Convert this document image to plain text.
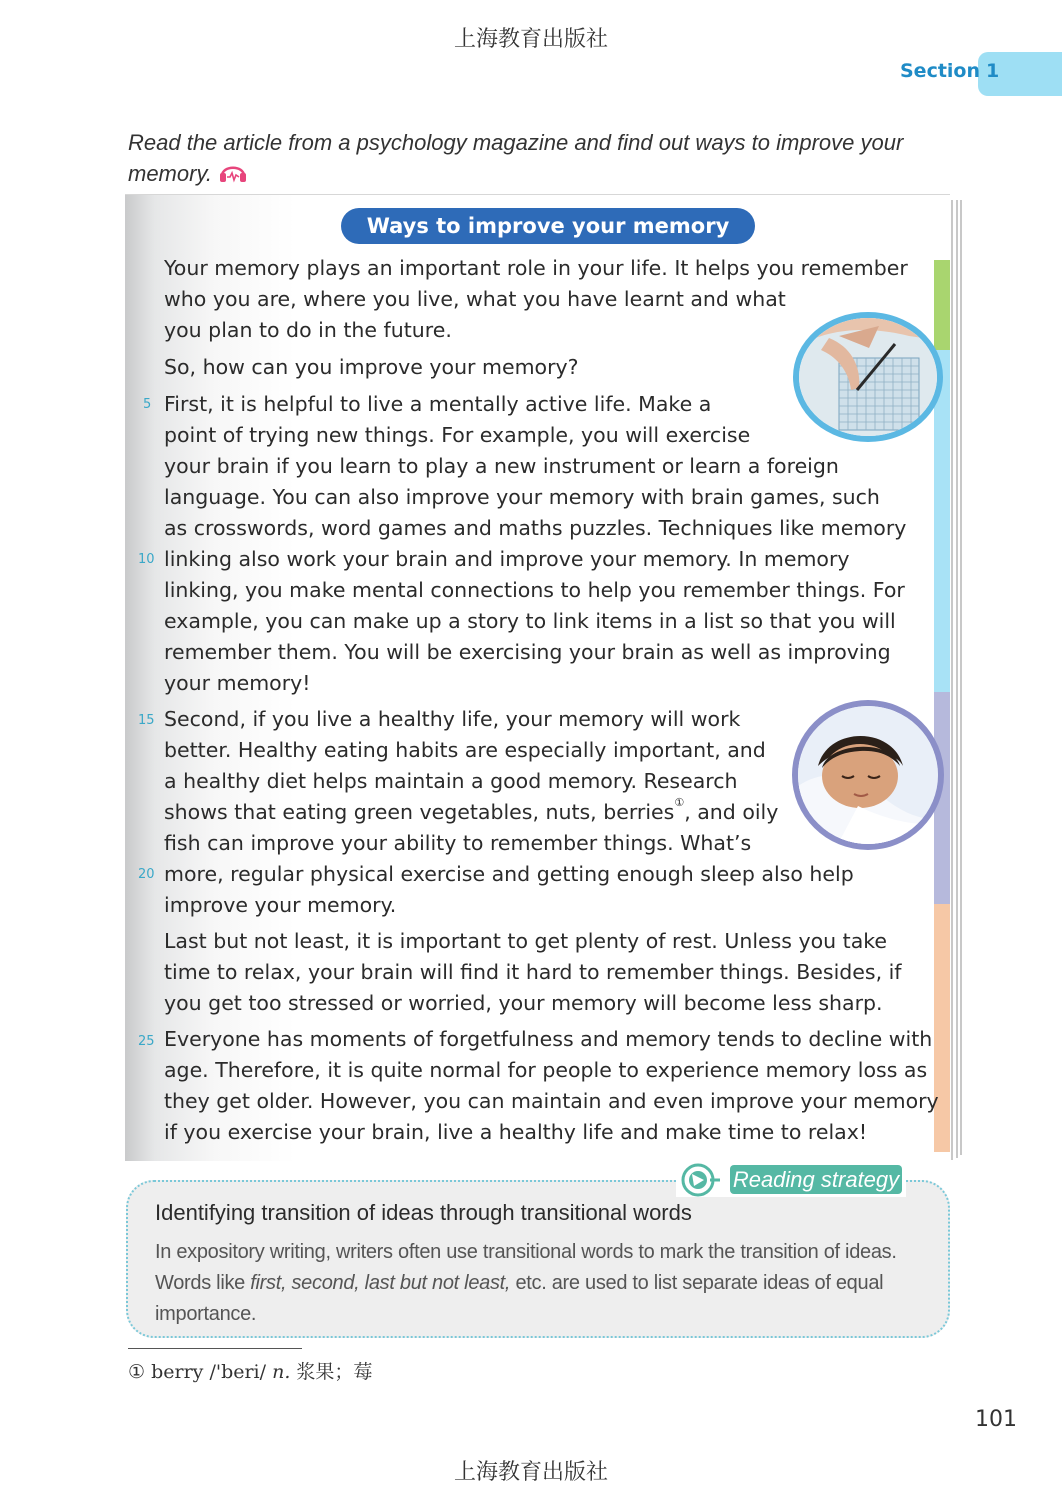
上海教育出版社
Section 1
Read the article from a psychology magazine and find out ways to improve your
memory.
Ways to improve your memory
Your memory plays an important role in your life. It helps you remember
who you are, where you live, what you have learnt and what
you plan to do in the future.
So, how can you improve your memory?
First, it is helpful to live a mentally active life. Make a
point of trying new things. For example, you will exercise
your brain if you learn to play a new instrument or learn a foreign
language. You can also improve your memory with brain games, such
as crosswords, word games and maths puzzles. Techniques like memory
linking also work your brain and improve your memory. In memory
linking, you make mental connections to help you remember things. For
example, you can make up a story to link items in a list so that you will
remember them. You will be exercising your brain as well as improving
your memory!
Second, if you live a healthy life, your memory will work
better. Healthy eating habits are especially important, and
a healthy diet helps maintain a good memory. Research
shows that eating green vegetables, nuts, berries①, and oily
fish can improve your ability to remember things. What’s
more, regular physical exercise and getting enough sleep also help
improve your memory.
Last but not least, it is important to get plenty of rest. Unless you take
time to relax, your brain will find it hard to remember things. Besides, if
you get too stressed or worried, your memory will become less sharp.
Everyone has moments of forgetfulness and memory tends to decline with
age. Therefore, it is quite normal for people to experience memory loss as
they get older. However, you can maintain and even improve your memory
if you exercise your brain, live a healthy life and make time to relax!
5
10
15
20
25
Reading strategy
Identifying transition of ideas through transitional words
In expository writing, writers often use transitional words to mark the transition of ideas.
Words like first, second, last but not least, etc. are used to list separate ideas of equal
importance.
① berry /'beri/ n. 浆果；莓
101
上海教育出版社
